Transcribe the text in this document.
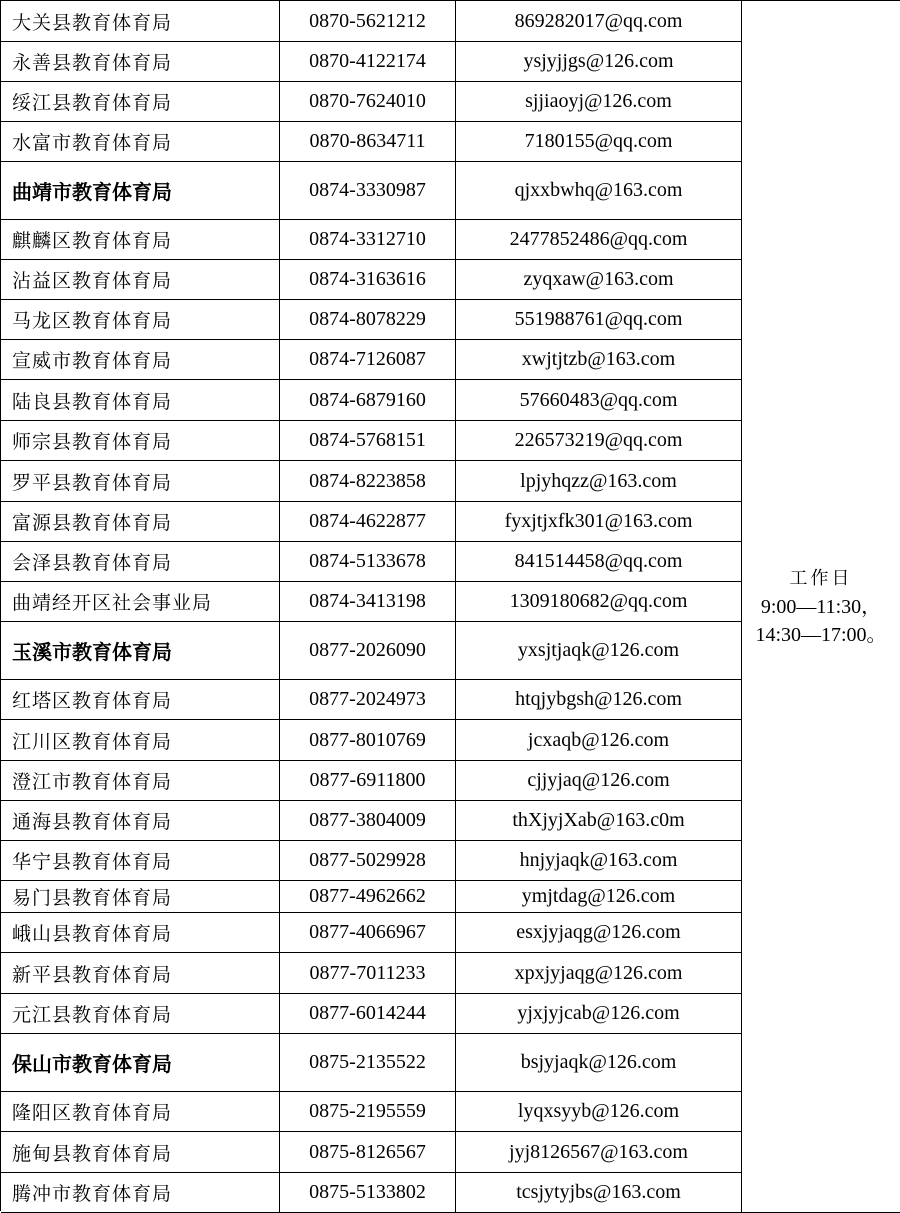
工作日
9:00—11:30，
14:30—17:00。
大关县教育体育局	0870-5621212	869282017@qq.com
永善县教育体育局	0870-4122174	ysjyjjgs@126.com
绥江县教育体育局	0870-7624010	sjjiaoyj@126.com
水富市教育体育局	0870-8634711	7180155@qq.com
曲靖市教育体育局	0874-3330987	qjxxbwhq@163.com
麒麟区教育体育局	0874-3312710	2477852486@qq.com
沾益区教育体育局	0874-3163616	zyqxaw@163.com
马龙区教育体育局	0874-8078229	551988761@qq.com
宣威市教育体育局	0874-7126087	xwjtjtzb@163.com
陆良县教育体育局	0874-6879160	57660483@qq.com
师宗县教育体育局	0874-5768151	226573219@qq.com
罗平县教育体育局	0874-8223858	lpjyhqzz@163.com
富源县教育体育局	0874-4622877	fyxjtjxfk301@163.com
会泽县教育体育局	0874-5133678	841514458@qq.com
曲靖经开区社会事业局	0874-3413198	1309180682@qq.com
玉溪市教育体育局	0877-2026090	yxsjtjaqk@126.com
红塔区教育体育局	0877-2024973	htqjybgsh@126.com
江川区教育体育局	0877-8010769	jcxaqb@126.com
澄江市教育体育局	0877-6911800	cjjyjaq@126.com
通海县教育体育局	0877-3804009	thXjyjXab@163.c0m
华宁县教育体育局	0877-5029928	hnjyjaqk@163.com
易门县教育体育局	0877-4962662	ymjtdag@126.com
峨山县教育体育局	0877-4066967	esxjyjaqg@126.com
新平县教育体育局	0877-7011233	xpxjyjaqg@126.com
元江县教育体育局	0877-6014244	yjxjyjcab@126.com
保山市教育体育局	0875-2135522	bsjyjaqk@126.com
隆阳区教育体育局	0875-2195559	lyqxsyyb@126.com
施甸县教育体育局	0875-8126567	jyj8126567@163.com
腾冲市教育体育局	0875-5133802	tcsjytyjbs@163.com
